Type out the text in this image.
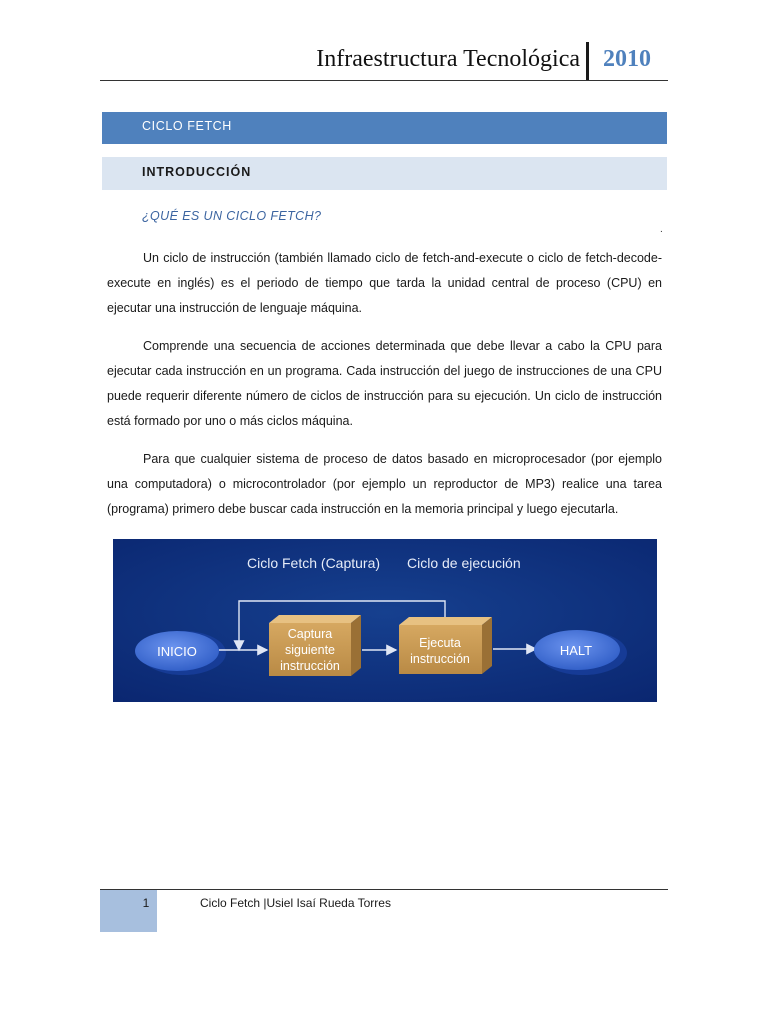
Infraestructura Tecnológica 2010
CICLO FETCH
INTRODUCCIÓN
¿QUÉ ES UN CICLO FETCH?
.

Un ciclo de instrucción (también llamado ciclo de fetch-and-execute o ciclo de fetch-decode-execute en inglés) es el periodo de tiempo que tarda la unidad central de proceso (CPU) en ejecutar una instrucción de lenguaje máquina.

Comprende una secuencia de acciones determinada que debe llevar a cabo la CPU para ejecutar cada instrucción en un programa. Cada instrucción del juego de instrucciones de una CPU puede requerir diferente número de ciclos de instrucción para su ejecución. Un ciclo de instrucción está formado por uno o más ciclos máquina.

Para que cualquier sistema de proceso de datos basado en microprocesador (por ejemplo una computadora) o microcontrolador (por ejemplo un reproductor de MP3) realice una tarea (programa) primero debe buscar cada instrucción en la memoria principal y luego ejecutarla.

Ciclo Fetch (Captura) Ciclo de ejecución
INICIO
Captura
siguiente
instrucción
Ejecuta
instrucción
HALT
1	Ciclo Fetch |Usiel Isaí Rueda Torres
